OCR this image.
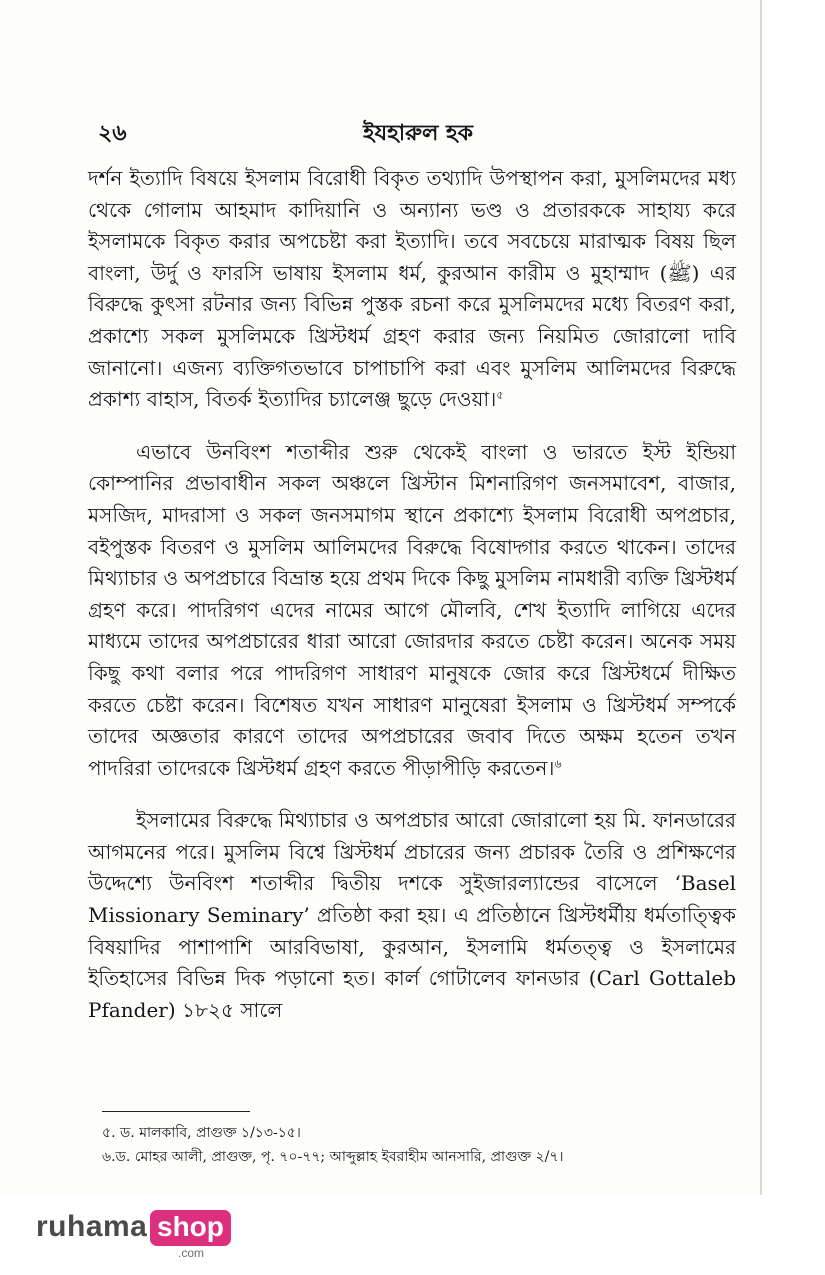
২৬	ইযহারুল হক

দর্শন ইত্যাদি বিষয়ে ইসলাম বিরোধী বিকৃত তথ্যাদি উপস্থাপন করা, মুসলিমদের মধ্য থেকে গোলাম আহমাদ কাদিয়ানি ও অন্যান্য ভণ্ড ও প্রতারককে সাহায্য করে ইসলামকে বিকৃত করার অপচেষ্টা করা ইত্যাদি। তবে সবচেয়ে মারাত্মক বিষয় ছিল বাংলা, উর্দু ও ফারসি ভাষায় ইসলাম ধর্ম, কুরআন কারীম ও মুহাম্মাদ (ﷺ) এর বিরুদ্ধে কুৎসা রটনার জন্য বিভিন্ন পুস্তক রচনা করে মুসলিমদের মধ্যে বিতরণ করা, প্রকাশ্যে সকল মুসলিমকে খ্রিস্টধর্ম গ্রহণ করার জন্য নিয়মিত জোরালো দাবি জানানো। এজন্য ব্যক্তিগতভাবে চাপাচাপি করা এবং মুসলিম আলিমদের বিরুদ্ধে প্রকাশ্য বাহাস, বিতর্ক ইত্যাদির চ্যালেঞ্জ ছুড়ে দেওয়া।$^৫$

এভাবে উনবিংশ শতাব্দীর শুরু থেকেই বাংলা ও ভারতে ইস্ট ইন্ডিয়া কোম্পানির প্রভাবাধীন সকল অঞ্চলে খ্রিস্টান মিশনারিগণ জনসমাবেশ, বাজার, মসজিদ, মাদরাসা ও সকল জনসমাগম স্থানে প্রকাশ্যে ইসলাম বিরোধী অপপ্রচার, বইপুস্তক বিতরণ ও মুসলিম আলিমদের বিরুদ্ধে বিষোদ্গার করতে থাকেন। তাদের মিথ্যাচার ও অপপ্রচারে বিভ্রান্ত হয়ে প্রথম দিকে কিছু মুসলিম নামধারী ব্যক্তি খ্রিস্টধর্ম গ্রহণ করে। পাদরিগণ এদের নামের আগে মৌলবি, শেখ ইত্যাদি লাগিয়ে এদের মাধ্যমে তাদের অপপ্রচারের ধারা আরো জোরদার করতে চেষ্টা করেন। অনেক সময় কিছু কথা বলার পরে পাদরিগণ সাধারণ মানুষকে জোর করে খ্রিস্টধর্মে দীক্ষিত করতে চেষ্টা করেন। বিশেষত যখন সাধারণ মানুষেরা ইসলাম ও খ্রিস্টধর্ম সম্পর্কে তাদের অজ্ঞতার কারণে তাদের অপপ্রচারের জবাব দিতে অক্ষম হতেন তখন পাদরিরা তাদেরকে খ্রিস্টধর্ম গ্রহণ করতে পীড়াপীড়ি করতেন।$^৬$

ইসলামের বিরুদ্ধে মিথ্যাচার ও অপপ্রচার আরো জোরালো হয় মি. ফানডারের আগমনের পরে। মুসলিম বিশ্বে খ্রিস্টধর্ম প্রচারের জন্য প্রচারক তৈরি ও প্রশিক্ষণের উদ্দেশ্যে উনবিংশ শতাব্দীর দ্বিতীয় দশকে সুইজারল্যান্ডের বাসেলে ‘Basel Missionary Seminary’ প্রতিষ্ঠা করা হয়। এ প্রতিষ্ঠানে খ্রিস্টধর্মীয় ধর্মতাত্ত্বিক বিষয়াদির পাশাপাশি আরবিভাষা, কুরআন, ইসলামি ধর্মতত্ত্ব ও ইসলামের ইতিহাসের বিভিন্ন দিক পড়ানো হত। কার্ল গোটালেব ফানডার (Carl Gottaleb Pfander) ১৮২৫ সালে

৫. ড. মালকাবি, প্রাগুক্ত ১/১৩-১৫।
৬.ড. মোহর আলী, প্রাগুক্ত, পৃ. ৭০-৭৭; আব্দুল্লাহ ইবরাহীম আনসারি, প্রাগুক্ত ২/৭।
ruhama shop
.com
